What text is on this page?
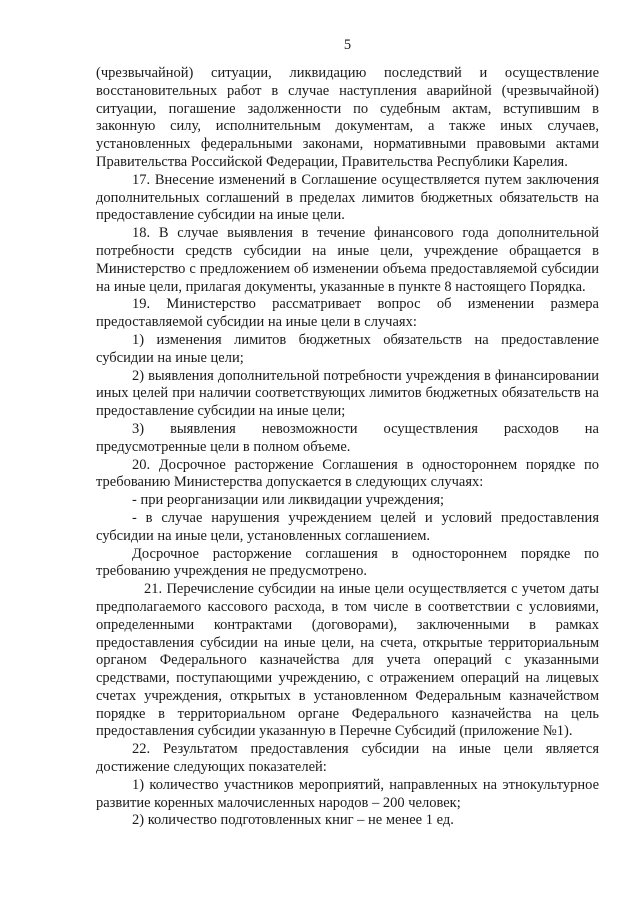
5

(чрезвычайной) ситуации, ликвидацию последствий и осуществление восстановительных работ в случае наступления аварийной (чрезвычайной) ситуации, погашение задолженности по судебным актам, вступившим в законную силу, исполнительным документам, а также иных случаев, установленных федеральными законами, нормативными правовыми актами Правительства Российской Федерации, Правительства Республики Карелия.

17. Внесение изменений в Соглашение осуществляется путем заключения дополнительных соглашений в пределах лимитов бюджетных обязательств на предоставление субсидии на иные цели.

18. В случае выявления в течение финансового года дополнительной потребности средств субсидии на иные цели, учреждение обращается в Министерство с предложением об изменении объема предоставляемой субсидии на иные цели, прилагая документы, указанные в пункте 8 настоящего Порядка.

19. Министерство рассматривает вопрос об изменении размера предоставляемой субсидии на иные цели в случаях:

1) изменения лимитов бюджетных обязательств на предоставление субсидии на иные цели;

2) выявления дополнительной потребности учреждения в финансировании иных целей при наличии соответствующих лимитов бюджетных обязательств на предоставление субсидии на иные цели;

3) выявления невозможности осуществления расходов на предусмотренные цели в полном объеме.

20. Досрочное расторжение Соглашения в одностороннем порядке по требованию Министерства допускается в следующих случаях:

- при реорганизации или ликвидации учреждения;

- в случае нарушения учреждением целей и условий предоставления субсидии на иные цели, установленных соглашением.

Досрочное расторжение соглашения в одностороннем порядке по требованию учреждения не предусмотрено.

21. Перечисление субсидии на иные цели осуществляется с учетом даты предполагаемого кассового расхода, в том числе в соответствии с условиями, определенными контрактами (договорами), заключенными в рамках предоставления субсидии на иные цели, на счета, открытые территориальным органом Федерального казначейства для учета операций с указанными средствами, поступающими учреждению, с отражением операций на лицевых счетах учреждения, открытых в установленном Федеральным казначейством порядке в территориальном органе Федерального казначейства на цель предоставления субсидии указанную в Перечне Субсидий (приложение №1).

22. Результатом предоставления субсидии на иные цели является достижение следующих показателей:

1) количество участников мероприятий, направленных на этнокультурное развитие коренных малочисленных народов – 200 человек;

2) количество подготовленных книг – не менее 1 ед.
